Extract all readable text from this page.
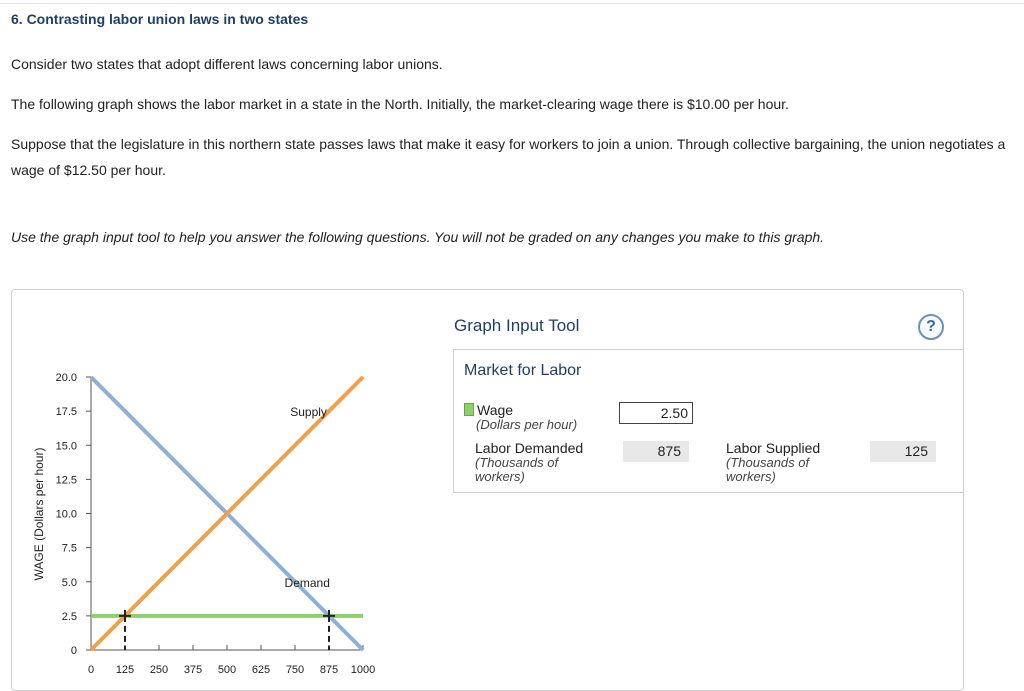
6. Contrasting labor union laws in two states
Consider two states that adopt different laws concerning labor unions.
The following graph shows the labor market in a state in the North. Initially, the market-clearing wage there is $10.00 per hour.
Suppose that the legislature in this northern state passes laws that make it easy for workers to join a union. Through collective bargaining, the union negotiates a wage of $12.50 per hour.
Use the graph input tool to help you answer the following questions. You will not be graded on any changes you make to this graph.
WAGE (Dollars per hour)
0
2.5
5.0
7.5
10.0
12.5
15.0
17.5
20.0
0 125 250 375 500 625 750 875 1000
Supply
Demand
Graph Input Tool	?
Market for Labor
Wage
(Dollars per hour)
2.50
Labor Demanded
(Thousands of workers)
875	Labor Supplied
(Thousands of workers)
125
